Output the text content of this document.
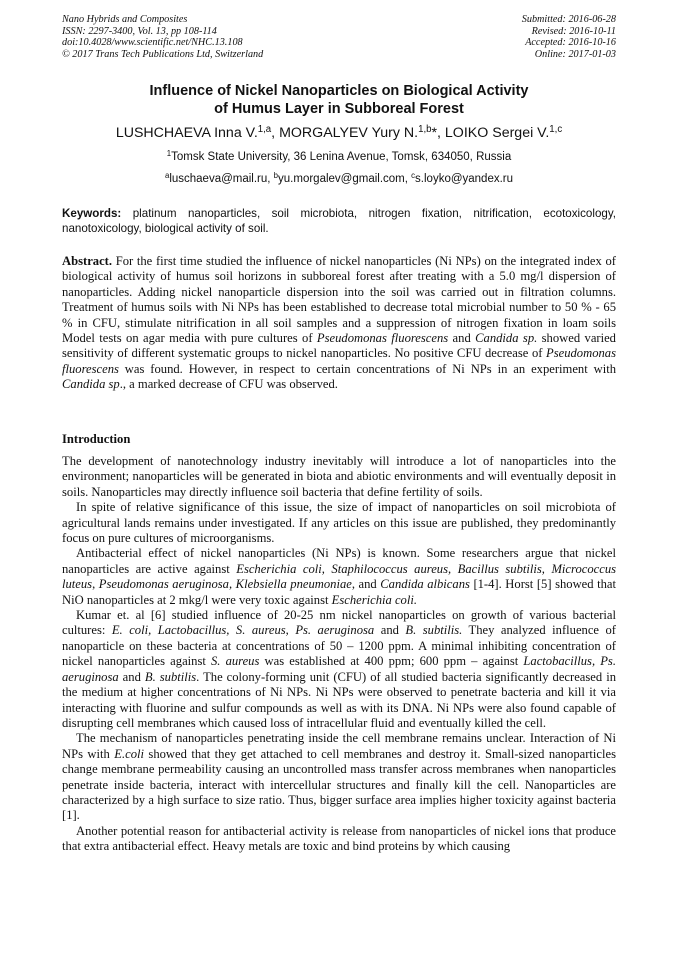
Nano Hybrids and Composites
ISSN: 2297-3400, Vol. 13, pp 108-114
doi:10.4028/www.scientific.net/NHC.13.108
© 2017 Trans Tech Publications Ltd, Switzerland
Submitted: 2016-06-28
Revised: 2016-10-11
Accepted: 2016-10-16
Online: 2017-01-03
Influence of Nickel Nanoparticles on Biological Activity
of Humus Layer in Subboreal Forest
LUSHCHAEVA Inna V.$^{1,a}$, MORGALYEV Yury N.$^{1,b}$*, LOIKO Sergei V.$^{1,c}$
$^1$Tomsk State University, 36 Lenina Avenue, Tomsk, 634050, Russia
$^a$luschaeva@mail.ru, $^b$yu.morgalev@gmail.com, $^c$s.loyko@yandex.ru
Keywords: platinum nanoparticles, soil microbiota, nitrogen fixation, nitrification, ecotoxicology, nanotoxicology, biological activity of soil.

Abstract. For the first time studied the influence of nickel nanoparticles (Ni NPs) on the integrated index of biological activity of humus soil horizons in subboreal forest after treating with a 5.0 mg/l dispersion of nanoparticles. Adding nickel nanoparticle dispersion into the soil was carried out in filtration columns. Treatment of humus soils with Ni NPs has been established to decrease total microbial number to 50 % - 65 % in CFU, stimulate nitrification in all soil samples and a suppression of nitrogen fixation in loam soils Model tests on agar media with pure cultures of Pseudomonas fluorescens and Candida sp. showed varied sensitivity of different systematic groups to nickel nanoparticles. No positive CFU decrease of Pseudomonas fluorescens was found. However, in respect to certain concentrations of Ni NPs in an experiment with Candida sp., a marked decrease of CFU was observed.

Introduction

The development of nanotechnology industry inevitably will introduce a lot of nanoparticles into the environment; nanoparticles will be generated in biota and abiotic environments and will eventually deposit in soils. Nanoparticles may directly influence soil bacteria that define fertility of soils.

In spite of relative significance of this issue, the size of impact of nanoparticles on soil microbiota of agricultural lands remains under investigated. If any articles on this issue are published, they predominantly focus on pure cultures of microorganisms.

Antibacterial effect of nickel nanoparticles (Ni NPs) is known. Some researchers argue that nickel nanoparticles are active against Escherichia coli, Staphilococcus aureus, Bacillus subtilis, Micrococcus luteus, Pseudomonas aeruginosa, Klebsiella pneumoniae, and Candida albicans [1-4]. Horst [5] showed that NiO nanoparticles at 2 mkg/l were very toxic against Escherichia coli.

Kumar et. al [6] studied influence of 20-25 nm nickel nanoparticles on growth of various bacterial cultures: E. coli, Lactobacillus, S. aureus, Ps. aeruginosa and B. subtilis. They analyzed influence of nanoparticle on these bacteria at concentrations of 50 – 1200 ppm. A minimal inhibiting concentration of nickel nanoparticles against S. aureus was established at 400 ppm; 600 ppm – against Lactobacillus, Ps. aeruginosa and B. subtilis. The colony-forming unit (CFU) of all studied bacteria significantly decreased in the medium at higher concentrations of Ni NPs. Ni NPs were observed to penetrate bacteria and kill it via interacting with fluorine and sulfur compounds as well as with its DNA. Ni NPs were also found capable of disrupting cell membranes which caused loss of intracellular fluid and eventually killed the cell.

The mechanism of nanoparticles penetrating inside the cell membrane remains unclear. Interaction of Ni NPs with E.coli showed that they get attached to cell membranes and destroy it. Small-sized nanoparticles change membrane permeability causing an uncontrolled mass transfer across membranes when nanoparticles penetrate inside bacteria, interact with intercellular structures and finally kill the cell. Nanoparticles are characterized by a high surface to size ratio. Thus, bigger surface area implies higher toxicity against bacteria [1].

Another potential reason for antibacterial activity is release from nanoparticles of nickel ions that produce that extra antibacterial effect. Heavy metals are toxic and bind proteins by which causing
